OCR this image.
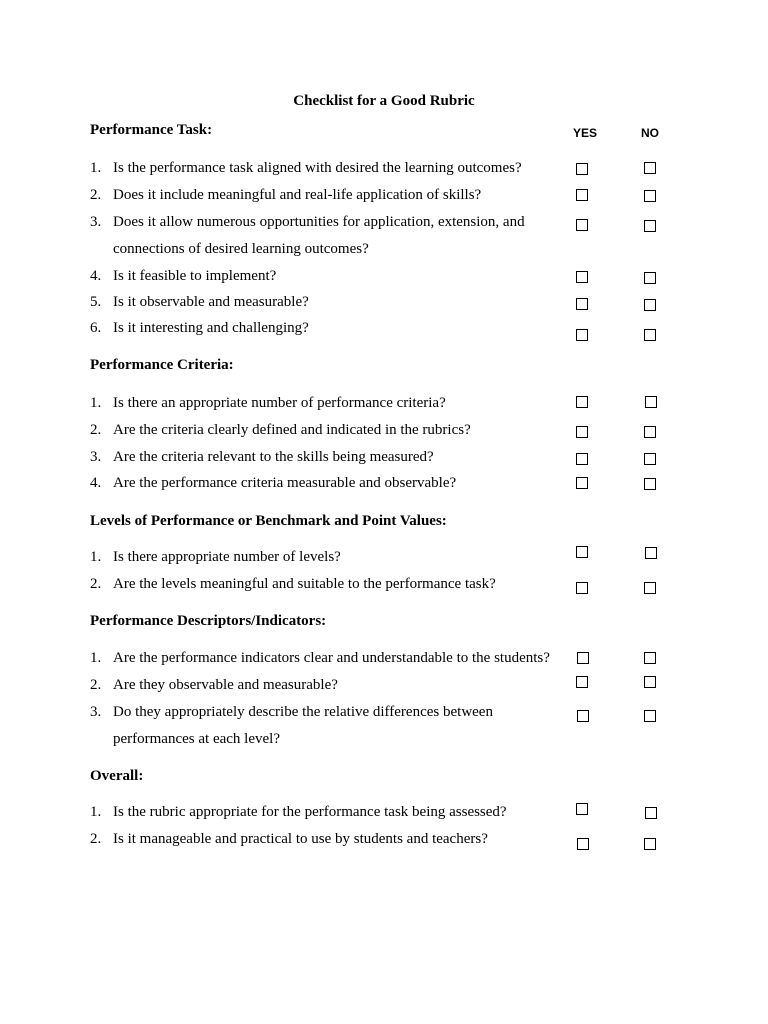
Checklist for a Good Rubric
YES	NO
Performance Task:
1. Is the performance task aligned with desired the learning outcomes?
2. Does it include meaningful and real-life application of skills?
3. Does it allow numerous opportunities for application, extension, and connections of desired learning outcomes?
4. Is it feasible to implement?
5. Is it observable and measurable?
6. Is it interesting and challenging?
Performance Criteria:
1. Is there an appropriate number of performance criteria?
2. Are the criteria clearly defined and indicated in the rubrics?
3. Are the criteria relevant to the skills being measured?
4. Are the performance criteria measurable and observable?
Levels of Performance or Benchmark and Point Values:
1. Is there appropriate number of levels?
2. Are the levels meaningful and suitable to the performance task?
Performance Descriptors/Indicators:
1. Are the performance indicators clear and understandable to the students?
2. Are they observable and measurable?
3. Do they appropriately describe the relative differences between performances at each level?
Overall:
1. Is the rubric appropriate for the performance task being assessed?
2. Is it manageable and practical to use by students and teachers?
